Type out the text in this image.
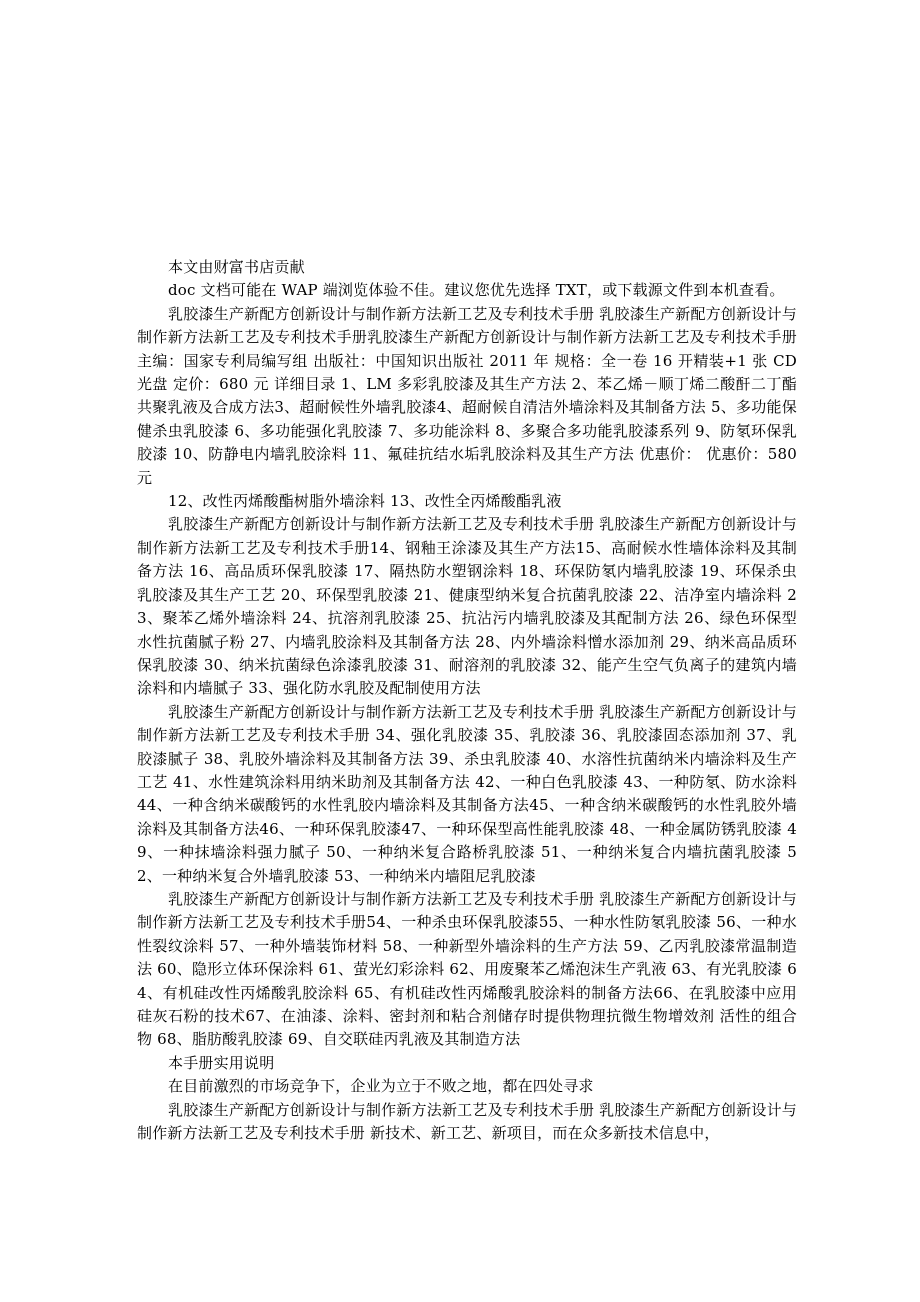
本文由财富书店贡献

doc 文档可能在 WAP 端浏览体验不佳。建议您优先选择 TXT，或下载源文件到本机查看。

乳胶漆生产新配方创新设计与制作新方法新工艺及专利技术手册 乳胶漆生产新配方创新设计与制作新方法新工艺及专利技术手册乳胶漆生产新配方创新设计与制作新方法新工艺及专利技术手册 主编：国家专利局编写组 出版社：中国知识出版社 2011 年 规格：全一卷 16 开精装+1 张 CD 光盘 定价：680 元 详细目录 1、LM 多彩乳胶漆及其生产方法 2、苯乙烯－顺丁烯二酸酐二丁酯共聚乳液及合成方法3、超耐候性外墙乳胶漆4、超耐候自清洁外墙涂料及其制备方法 5、多功能保健杀虫乳胶漆 6、多功能强化乳胶漆 7、多功能涂料 8、多聚合多功能乳胶漆系列 9、防氡环保乳胶漆 10、防静电内墙乳胶涂料 11、氟硅抗结水垢乳胶涂料及其生产方法 优惠价： 优惠价：580 元

12、改性丙烯酸酯树脂外墙涂料 13、改性全丙烯酸酯乳液

乳胶漆生产新配方创新设计与制作新方法新工艺及专利技术手册 乳胶漆生产新配方创新设计与制作新方法新工艺及专利技术手册14、钢釉王涂漆及其生产方法15、高耐候水性墙体涂料及其制备方法 16、高品质环保乳胶漆 17、隔热防水塑钢涂料 18、环保防氡内墙乳胶漆 19、环保杀虫乳胶漆及其生产工艺 20、环保型乳胶漆 21、健康型纳米复合抗菌乳胶漆 22、洁净室内墙涂料 23、聚苯乙烯外墙涂料 24、抗溶剂乳胶漆 25、抗沾污内墙乳胶漆及其配制方法 26、绿色环保型水性抗菌腻子粉 27、内墙乳胶涂料及其制备方法 28、内外墙涂料憎水添加剂 29、纳米高品质环保乳胶漆 30、纳米抗菌绿色涂漆乳胶漆 31、耐溶剂的乳胶漆 32、能产生空气负离子的建筑内墙涂料和内墙腻子 33、强化防水乳胶及配制使用方法

乳胶漆生产新配方创新设计与制作新方法新工艺及专利技术手册 乳胶漆生产新配方创新设计与制作新方法新工艺及专利技术手册 34、强化乳胶漆 35、乳胶漆 36、乳胶漆固态添加剂 37、乳胶漆腻子 38、乳胶外墙涂料及其制备方法 39、杀虫乳胶漆 40、水溶性抗菌纳米内墙涂料及生产工艺 41、水性建筑涂料用纳米助剂及其制备方法 42、一种白色乳胶漆 43、一种防氡、防水涂料44、一种含纳米碳酸钙的水性乳胶内墙涂料及其制备方法45、一种含纳米碳酸钙的水性乳胶外墙涂料及其制备方法46、一种环保乳胶漆47、一种环保型高性能乳胶漆 48、一种金属防锈乳胶漆 49、一种抹墙涂料强力腻子 50、一种纳米复合路桥乳胶漆 51、一种纳米复合内墙抗菌乳胶漆 52、一种纳米复合外墙乳胶漆 53、一种纳米内墙阻尼乳胶漆

乳胶漆生产新配方创新设计与制作新方法新工艺及专利技术手册 乳胶漆生产新配方创新设计与制作新方法新工艺及专利技术手册54、一种杀虫环保乳胶漆55、一种水性防氡乳胶漆 56、一种水性裂纹涂料 57、一种外墙装饰材料 58、一种新型外墙涂料的生产方法 59、乙丙乳胶漆常温制造法 60、隐形立体环保涂料 61、萤光幻彩涂料 62、用废聚苯乙烯泡沫生产乳液 63、有光乳胶漆 64、有机硅改性丙烯酸乳胶涂料 65、有机硅改性丙烯酸乳胶涂料的制备方法66、在乳胶漆中应用硅灰石粉的技术67、在油漆、涂料、密封剂和粘合剂储存时提供物理抗微生物增效剂 活性的组合物 68、脂肪酸乳胶漆 69、自交联硅丙乳液及其制造方法

本手册实用说明

在目前激烈的市场竞争下，企业为立于不败之地，都在四处寻求

乳胶漆生产新配方创新设计与制作新方法新工艺及专利技术手册 乳胶漆生产新配方创新设计与制作新方法新工艺及专利技术手册 新技术、新工艺、新项目，而在众多新技术信息中，
